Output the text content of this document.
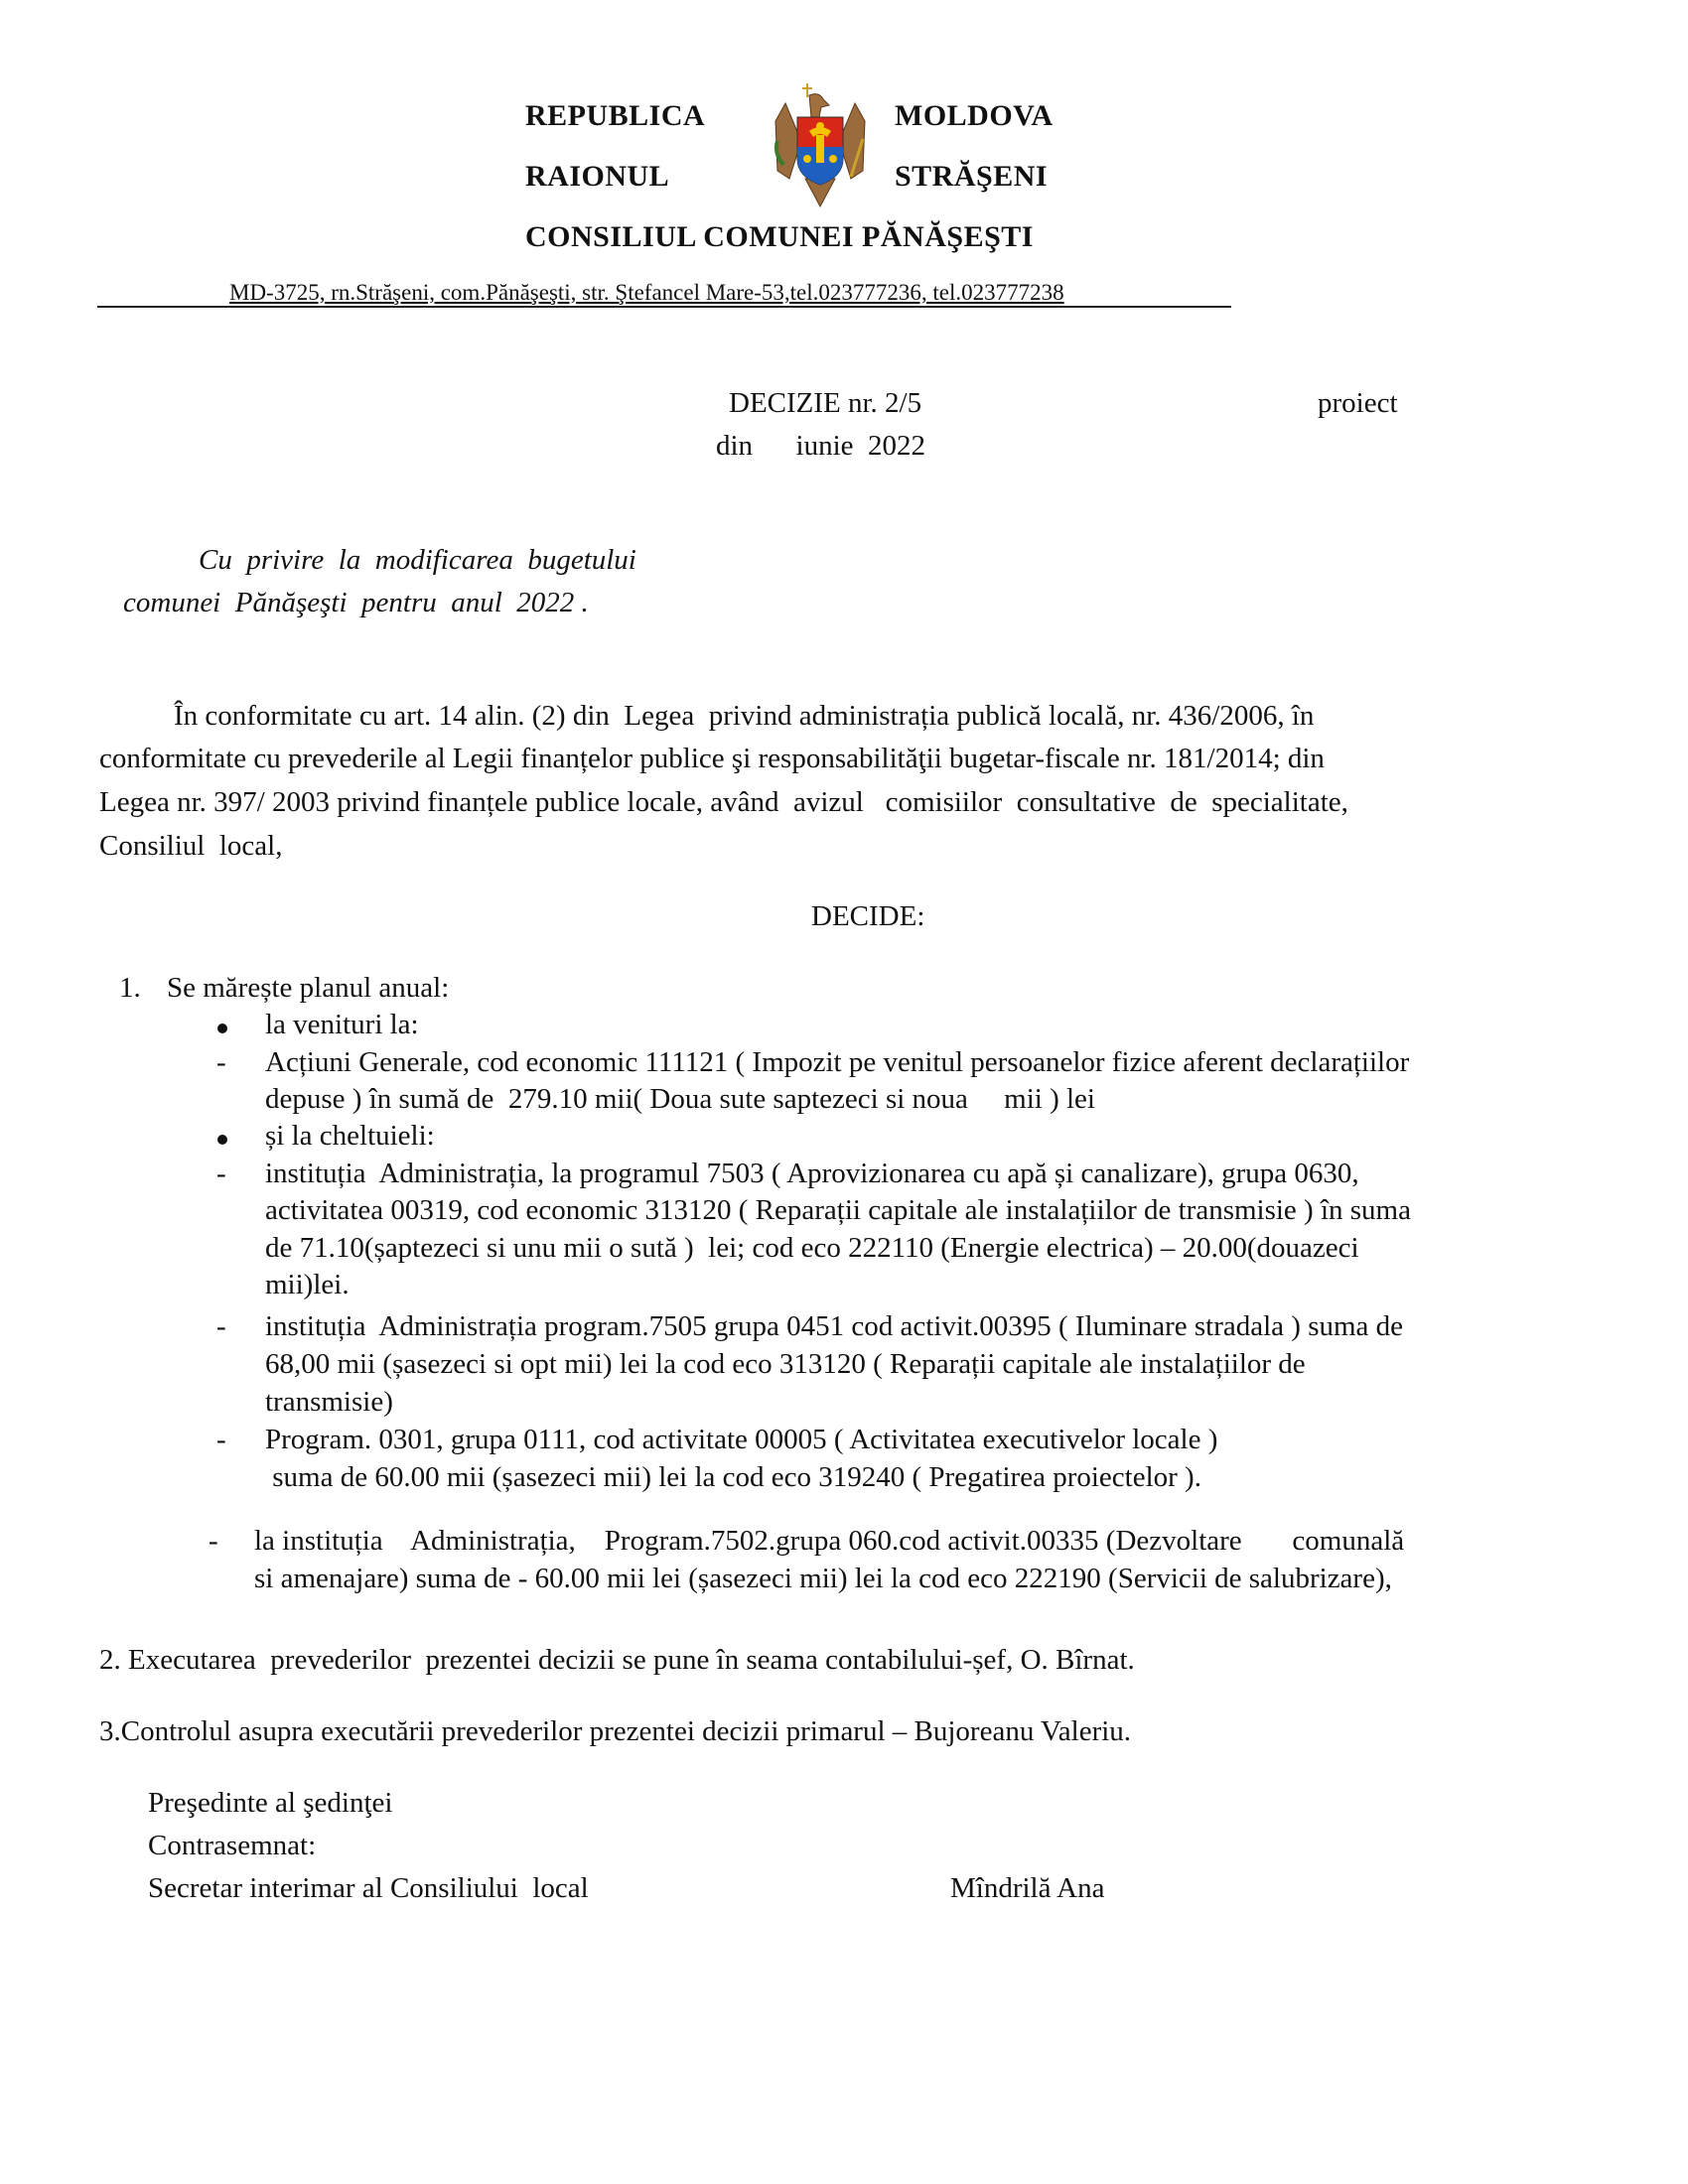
REPUBLICA	MOLDOVA
RAIONUL	STRĂŞENI
CONSILIUL COMUNEI PĂNĂŞEŞTI
MD-3725, rn.Străşeni, com.Pănăşeşti, str. Ştefancel Mare-53,tel.023777236, tel.023777238
DECIZIE nr. 2/5	proiect
din      iunie  2022
Cu  privire  la  modificarea  bugetului
comunei  Pănăşeşti  pentru  anul  2022 .
În conformitate cu art. 14 alin. (2) din  Legea  privind administrația publică locală, nr. 436/2006, în
conformitate cu prevederile al Legii finanțelor publice şi responsabilităţii bugetar-fiscale nr. 181/2014; din
Legea nr. 397/ 2003 privind finanțele publice locale, având  avizul   comisiilor  consultative  de  specialitate,
Consiliul  local,
DECIDE:
1. Se mărește planul anual:
la venituri la:
- Acțiuni Generale, cod economic 111121 ( Impozit pe venitul persoanelor fizice aferent declarațiilor
depuse ) în sumă de  279.10 mii( Doua sute saptezeci si noua     mii ) lei
și la cheltuieli:
- instituția  Administrația, la programul 7503 ( Aprovizionarea cu apă și canalizare), grupa 0630,
activitatea 00319, cod economic 313120 ( Reparații capitale ale instalațiilor de transmisie ) în suma
de 71.10(șaptezeci si unu mii o sută )  lei; cod eco 222110 (Energie electrica) – 20.00(douazeci
mii)lei.
- instituția  Administrația program.7505 grupa 0451 cod activit.00395 ( Iluminare stradala ) suma de
68,00 mii (șasezeci si opt mii) lei la cod eco 313120 ( Reparații capitale ale instalațiilor de
transmisie)
- Program. 0301, grupa 0111, cod activitate 00005 ( Activitatea executivelor locale )
suma de 60.00 mii (șasezeci mii) lei la cod eco 319240 ( Pregatirea proiectelor ).
- la instituția    Administrația,    Program.7502.grupa 060.cod activit.00335 (Dezvoltare       comunală
si amenajare) suma de - 60.00 mii lei (șasezeci mii) lei la cod eco 222190 (Servicii de salubrizare),
2. Executarea  prevederilor  prezentei decizii se pune în seama contabilului-șef, O. Bîrnat.
3.Controlul asupra executării prevederilor prezentei decizii primarul – Bujoreanu Valeriu.
Preşedinte al şedinţei
Contrasemnat:
Secretar interimar al Consiliului  local	Mîndrilă Ana
